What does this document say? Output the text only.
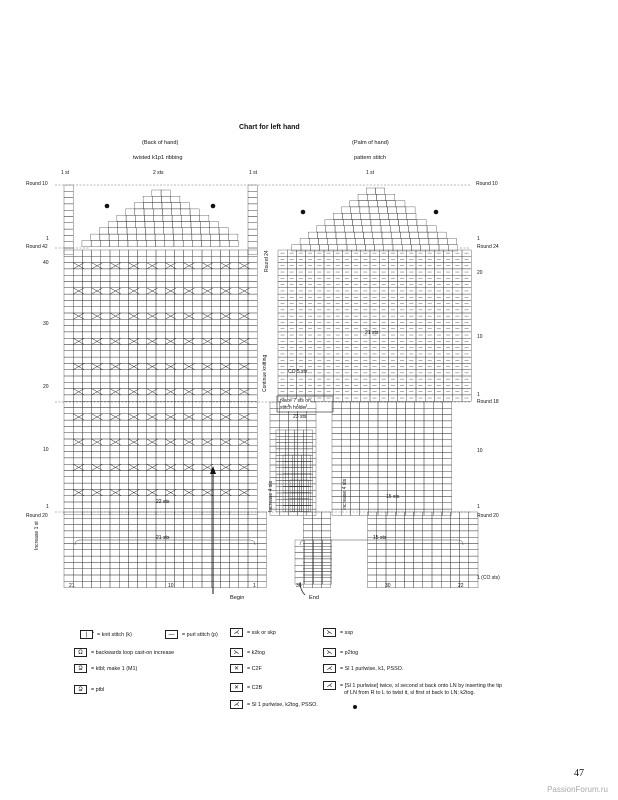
Chart for left hand
(Back of hand)
twisted k1p1 ribbing
(Palm of hand)
pattern stitch
1 st	2 sts	1 st	1 st
Round 10
1
Round 42
40
30
20
10
1
Round 20
Round 10
1
Round 24
20
10
1
Round 18
10
1
Round 20
1 (CO sts)
21 sts
CO 5 sts
place 7 sts on
stitch holder
23 sts
15 sts
22 sts
21 sts	15 sts
Round 24
Continue knitting
Increase 4 sts	Increase 4 sts
Increase 1 st
21	10	1	36	30	22
Begin	End
|	= knit stitch (k)	—	= purl stitch (p)	⋌	= ssk or skp	⋋	= ssp
Ω	= backwards loop cast-on increase	⋋	= k2tog	⋋	= p2tog
Ձ	= ktbl; make 1 (M1)	✕	= C2F	⋌	= Sl 1 purlwise, k1, PSSO.
Ձ	= ptbl	✕	= C2B	⋌	= [Sl 1 purlwise] twice, sl second st back onto LN by inserting the tip
of LN from R to L to twist it, sl first st back to LN; k2tog.
⋌	= Sl 1 purlwise, k2tog, PSSO.
•
47
PassionForum.ru
